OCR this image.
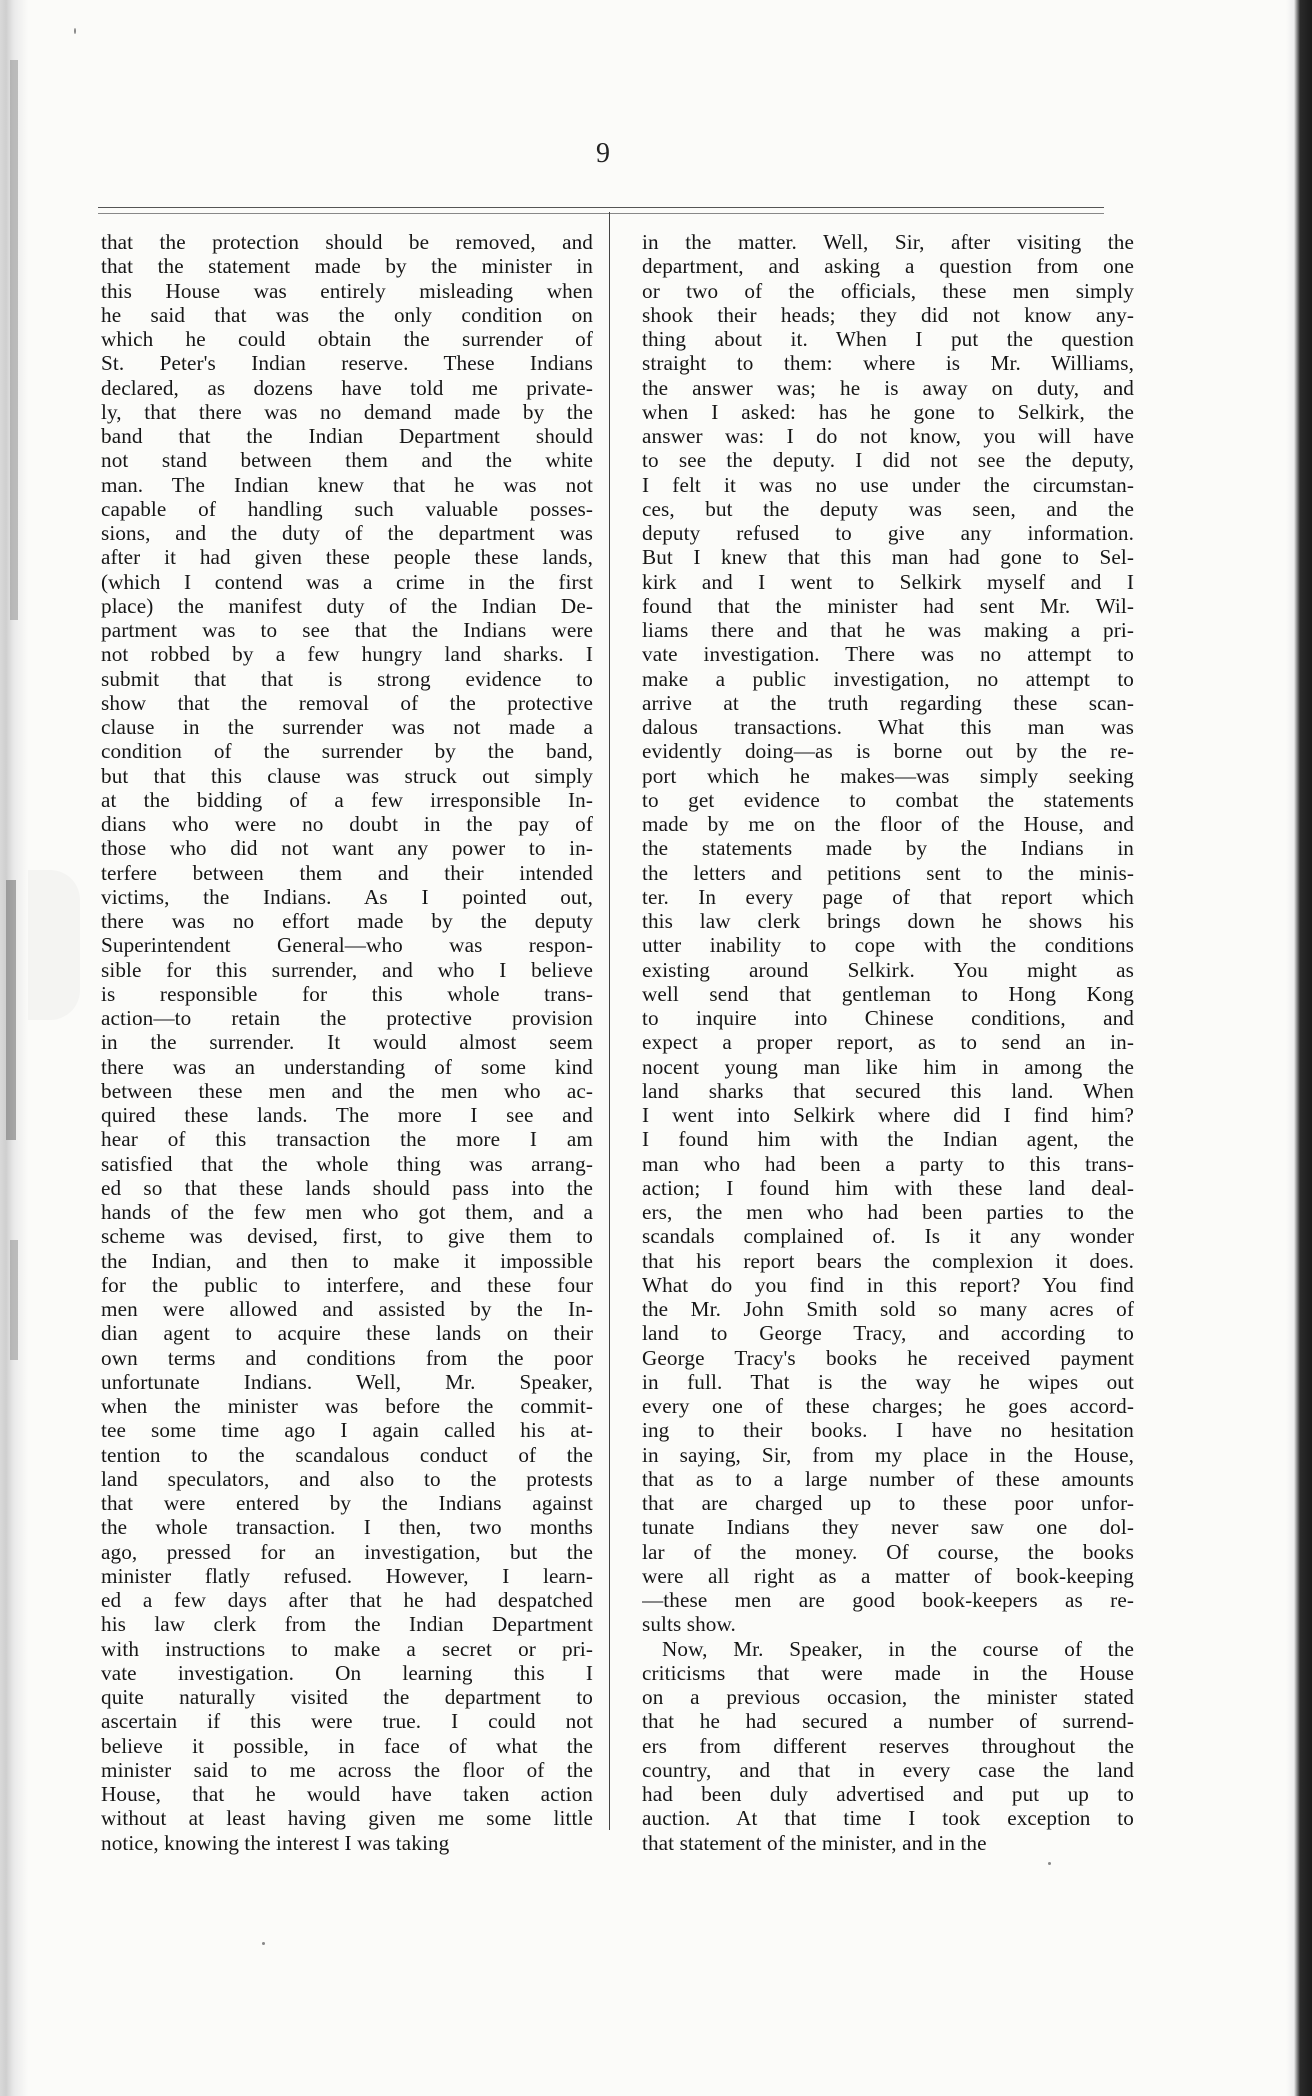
9
that the protection should be removed, and
that the statement made by the minister in
this House was entirely misleading when
he said that was the only condition on
which he could obtain the surrender of
St. Peter's Indian reserve. These Indians
declared, as dozens have told me private-
ly, that there was no demand made by the
band that the Indian Department should
not stand between them and the white
man. The Indian knew that he was not
capable of handling such valuable posses-
sions, and the duty of the department was
after it had given these people these lands,
(which I contend was a crime in the first
place) the manifest duty of the Indian De-
partment was to see that the Indians were
not robbed by a few hungry land sharks. I
submit that that is strong evidence to
show that the removal of the protective
clause in the surrender was not made a
condition of the surrender by the band,
but that this clause was struck out simply
at the bidding of a few irresponsible In-
dians who were no doubt in the pay of
those who did not want any power to in-
terfere between them and their intended
victims, the Indians. As I pointed out,
there was no effort made by the deputy
Superintendent General—who was respon-
sible for this surrender, and who I believe
is responsible for this whole trans-
action—to retain the protective provision
in the surrender. It would almost seem
there was an understanding of some kind
between these men and the men who ac-
quired these lands. The more I see and
hear of this transaction the more I am
satisfied that the whole thing was arrang-
ed so that these lands should pass into the
hands of the few men who got them, and a
scheme was devised, first, to give them to
the Indian, and then to make it impossible
for the public to interfere, and these four
men were allowed and assisted by the In-
dian agent to acquire these lands on their
own terms and conditions from the poor
unfortunate Indians. Well, Mr. Speaker,
when the minister was before the commit-
tee some time ago I again called his at-
tention to the scandalous conduct of the
land speculators, and also to the protests
that were entered by the Indians against
the whole transaction. I then, two months
ago, pressed for an investigation, but the
minister flatly refused. However, I learn-
ed a few days after that he had despatched
his law clerk from the Indian Department
with instructions to make a secret or pri-
vate investigation. On learning this I
quite naturally visited the department to
ascertain if this were true. I could not
believe it possible, in face of what the
minister said to me across the floor of the
House, that he would have taken action
without at least having given me some little
notice, knowing the interest I was taking
in the matter. Well, Sir, after visiting the
department, and asking a question from one
or two of the officials, these men simply
shook their heads; they did not know any-
thing about it. When I put the question
straight to them: where is Mr. Williams,
the answer was; he is away on duty, and
when I asked: has he gone to Selkirk, the
answer was: I do not know, you will have
to see the deputy. I did not see the deputy,
I felt it was no use under the circumstan-
ces, but the deputy was seen, and the
deputy refused to give any information.
But I knew that this man had gone to Sel-
kirk and I went to Selkirk myself and I
found that the minister had sent Mr. Wil-
liams there and that he was making a pri-
vate investigation. There was no attempt to
make a public investigation, no attempt to
arrive at the truth regarding these scan-
dalous transactions. What this man was
evidently doing—as is borne out by the re-
port which he makes—was simply seeking
to get evidence to combat the statements
made by me on the floor of the House, and
the statements made by the Indians in
the letters and petitions sent to the minis-
ter. In every page of that report which
this law clerk brings down he shows his
utter inability to cope with the conditions
existing around Selkirk. You might as
well send that gentleman to Hong Kong
to inquire into Chinese conditions, and
expect a proper report, as to send an in-
nocent young man like him in among the
land sharks that secured this land. When
I went into Selkirk where did I find him?
I found him with the Indian agent, the
man who had been a party to this trans-
action; I found him with these land deal-
ers, the men who had been parties to the
scandals complained of. Is it any wonder
that his report bears the complexion it does.
What do you find in this report? You find
the Mr. John Smith sold so many acres of
land to George Tracy, and according to
George Tracy's books he received payment
in full. That is the way he wipes out
every one of these charges; he goes accord-
ing to their books. I have no hesitation
in saying, Sir, from my place in the House,
that as to a large number of these amounts
that are charged up to these poor unfor-
tunate Indians they never saw one dol-
lar of the money. Of course, the books
were all right as a matter of book-keeping
—these men are good book-keepers as re-
sults show.
Now, Mr. Speaker, in the course of the
criticisms that were made in the House
on a previous occasion, the minister stated
that he had secured a number of surrend-
ers from different reserves throughout the
country, and that in every case the land
had been duly advertised and put up to
auction. At that time I took exception to
that statement of the minister, and in the
